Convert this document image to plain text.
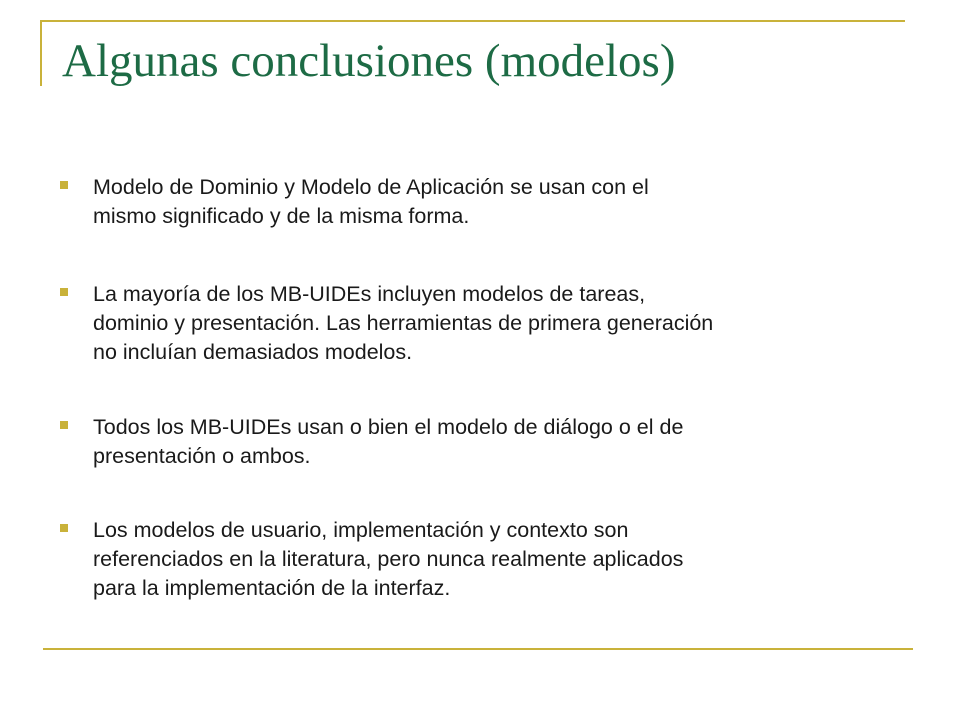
Algunas conclusiones (modelos)
Modelo de Dominio y Modelo de Aplicación se usan con el
mismo significado y de la misma forma.
La mayoría de los MB-UIDEs incluyen modelos de tareas,
dominio y presentación. Las herramientas de primera generación
no incluían demasiados modelos.
Todos los MB-UIDEs usan o bien el modelo de diálogo o el de
presentación o ambos.
Los modelos de usuario, implementación y contexto son
referenciados en la literatura, pero nunca realmente aplicados
para la implementación de la interfaz.
